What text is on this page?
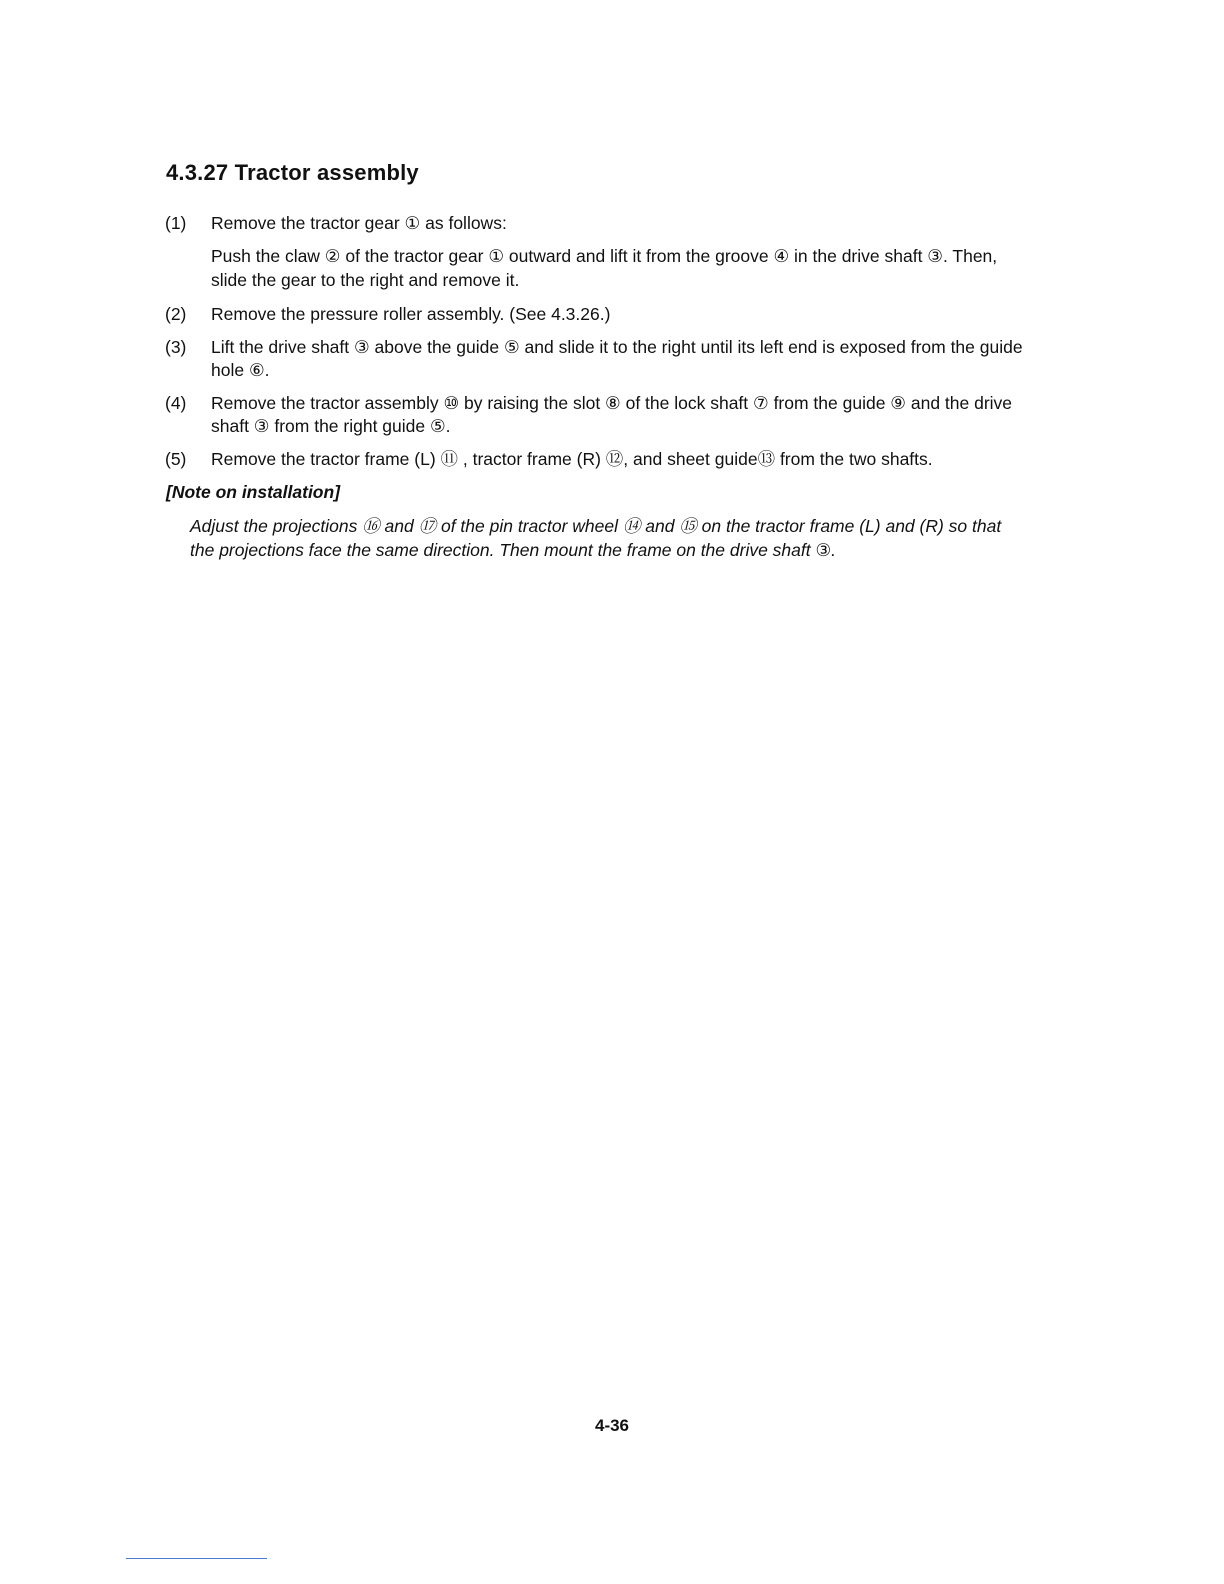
4.3.27 Tractor assembly
(1) Remove the tractor gear ① as follows:
Push the claw ② of the tractor gear ① outward and lift it from the groove ④ in the drive shaft ③. Then, slide the gear to the right and remove it.
(2) Remove the pressure roller assembly. (See 4.3.26.)
(3) Lift the drive shaft ③ above the guide ⑤ and slide it to the right until its left end is exposed from the guide hole ⑥.
(4) Remove the tractor assembly ⑩ by raising the slot ⑧ of the lock shaft ⑦ from the guide ⑨ and the drive shaft ③ from the right guide ⑤.
(5) Remove the tractor frame (L) ⑪ , tractor frame (R) ⑫, and sheet guide⑬ from the two shafts.
[Note on installation]
Adjust the projections ⑯ and ⑰ of the pin tractor wheel ⑭ and ⑮ on the tractor frame (L) and (R) so that the projections face the same direction. Then mount the frame on the drive shaft ③.
4-36
